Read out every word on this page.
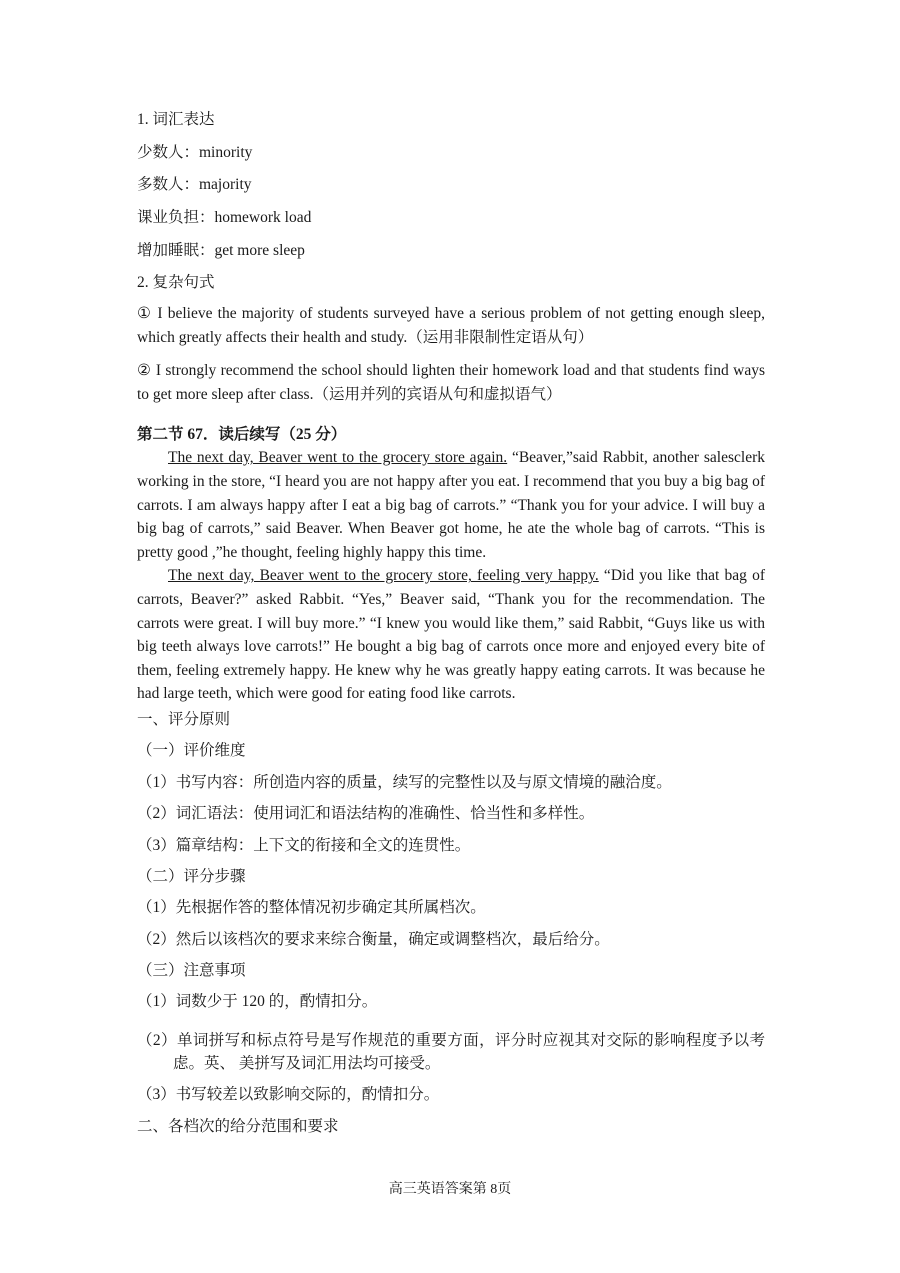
1. 词汇表达

少数人：minority

多数人：majority

课业负担：homework load

增加睡眠：get more sleep

2. 复杂句式

① I believe the majority of students surveyed have a serious problem of not getting enough sleep, which greatly affects their health and study.（运用非限制性定语从句）

② I strongly recommend the school should lighten their homework load and that students find ways to get more sleep after class.（运用并列的宾语从句和虚拟语气）

第二节 67．读后续写（25 分）

The next day, Beaver went to the grocery store again. “Beaver,”said Rabbit, another salesclerk working in the store, “I heard you are not happy after you eat. I recommend that you buy a big bag of carrots. I am always happy after I eat a big bag of carrots.” “Thank you for your advice. I will buy a big bag of carrots,” said Beaver. When Beaver got home, he ate the whole bag of carrots. “This is pretty good ,”he thought, feeling highly happy this time.

The next day, Beaver went to the grocery store, feeling very happy. “Did you like that bag of carrots, Beaver?” asked Rabbit. “Yes,” Beaver said, “Thank you for the recommendation. The carrots were great. I will buy more.” “I knew you would like them,” said Rabbit, “Guys like us with big teeth always love carrots!” He bought a big bag of carrots once more and enjoyed every bite of them, feeling extremely happy. He knew why he was greatly happy eating carrots. It was because he had large teeth, which were good for eating food like carrots.

一、评分原则

（一）评价维度

（1）书写内容：所创造内容的质量，续写的完整性以及与原文情境的融洽度。

（2）词汇语法：使用词汇和语法结构的准确性、恰当性和多样性。

（3）篇章结构：上下文的衔接和全文的连贯性。

（二）评分步骤

（1）先根据作答的整体情况初步确定其所属档次。

（2）然后以该档次的要求来综合衡量，确定或调整档次，最后给分。

（三）注意事项

（1）词数少于 120 的，酌情扣分。

（2）单词拼写和标点符号是写作规范的重要方面，评分时应视其对交际的影响程度予以考虑。英、 美拼写及词汇用法均可接受。

（3）书写较差以致影响交际的，酌情扣分。

二、各档次的给分范围和要求

高三英语答案第 8页
